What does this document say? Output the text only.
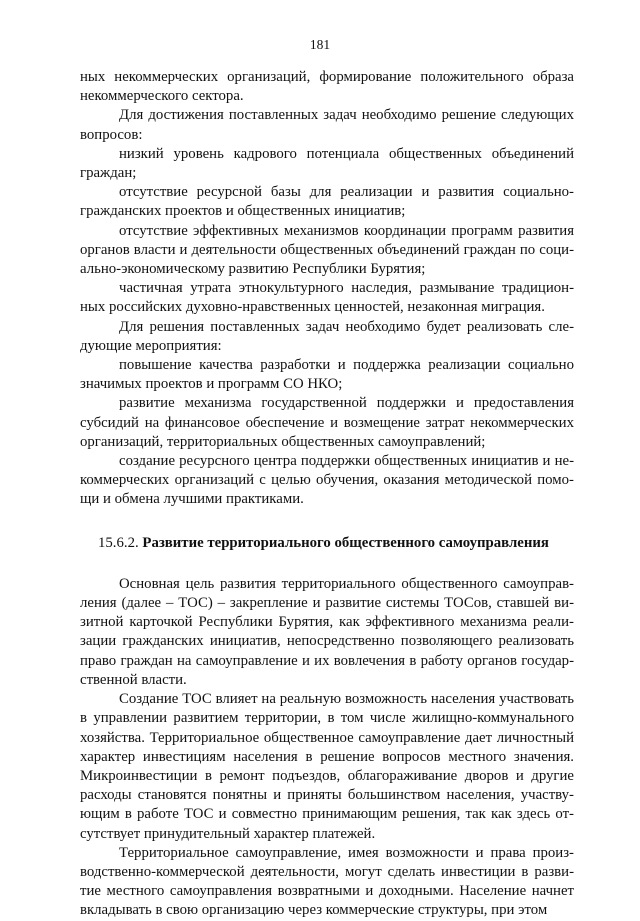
181

ных некоммерческих организаций, формирование положительного образа некоммерческого сектора.

Для достижения поставленных задач необходимо решение следующих вопросов:

низкий уровень кадрового потенциала общественных объединений граждан;

отсутствие ресурсной базы для реализации и развития социально-гражданских проектов и общественных инициатив;

отсутствие эффективных механизмов координации программ развития органов власти и деятельности общественных объединений граждан по соци-ально-экономическому развитию Республики Бурятия;

частичная утрата этнокультурного наследия, размывание традицион-ных российских духовно-нравственных ценностей, незаконная миграция.

Для решения поставленных задач необходимо будет реализовать сле-дующие мероприятия:

повышение качества разработки и поддержка реализации социально значимых проектов и программ СО НКО;

развитие механизма государственной поддержки и предоставления субсидий на финансовое обеспечение и возмещение затрат некоммерческих организаций, территориальных общественных самоуправлений;

создание ресурсного центра поддержки общественных инициатив и не-коммерческих организаций с целью обучения, оказания методической помо-щи и обмена лучшими практиками.

15.6.2. Развитие территориального общественного самоуправления

Основная цель развития территориального общественного самоуправ-ления (далее – ТОС) – закрепление и развитие системы ТОСов, ставшей ви-зитной карточкой Республики Бурятия, как эффективного механизма реали-зации гражданских инициатив, непосредственно позволяющего реализовать право граждан на самоуправление и их вовлечения в работу органов государ-ственной власти.

Создание ТОС влияет на реальную возможность населения участвовать в управлении развитием территории, в том числе жилищно-коммунального хозяйства. Территориальное общественное самоуправление дает личностный характер инвестициям населения в решение вопросов местного значения. Микроинвестиции в ремонт подъездов, облагораживание дворов и другие расходы становятся понятны и приняты большинством населения, участву-ющим в работе ТОС и совместно принимающим решения, так как здесь от-сутствует принудительный характер платежей.

Территориальное самоуправление, имея возможности и права произ-водственно-коммерческой деятельности, могут сделать инвестиции в разви-тие местного самоуправления возвратными и доходными. Население начнет вкладывать в свою организацию через коммерческие структуры, при этом
